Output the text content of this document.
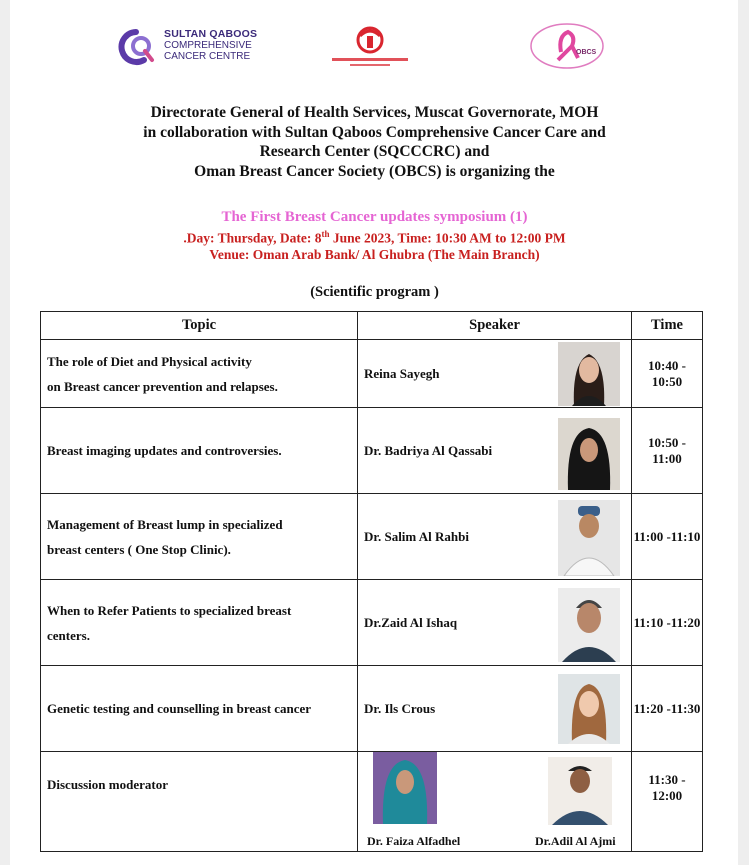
SULTAN QABOOS
COMPREHENSIVE
CANCER CENTRE	OBCS
Directorate General of Health Services, Muscat Governorate, MOH
in collaboration with Sultan Qaboos Comprehensive Cancer Care and
Research Center (SQCCCRC) and
Oman Breast Cancer Society (OBCS) is organizing the
The First Breast Cancer updates symposium (1)
.Day: Thursday, Date: 8th June 2023, Time: 10:30 AM to 12:00 PM
Venue: Oman Arab Bank/ Al Ghubra (The Main Branch)
(Scientific program )
Topic	Speaker	Time

The role of Diet and Physical activity
on Breast cancer prevention and relapses.	Reina Sayegh	10:40 - 10:50

Breast imaging updates and controversies.	Dr. Badriya Al Qassabi	10:50 - 11:00

Management of Breast lump in specialized
breast centers ( One Stop Clinic).	Dr. Salim Al Rahbi	11:00 -11:10

When to Refer Patients to specialized breast
centers.	Dr.Zaid Al Ishaq	11:10 -11:20

Genetic testing and counselling in breast cancer	Dr. Ils Crous	11:20 -11:30
Discussion moderator	Dr. Faiza Alfadhel Dr.Adil Al Ajmi	11:30 - 12:00
